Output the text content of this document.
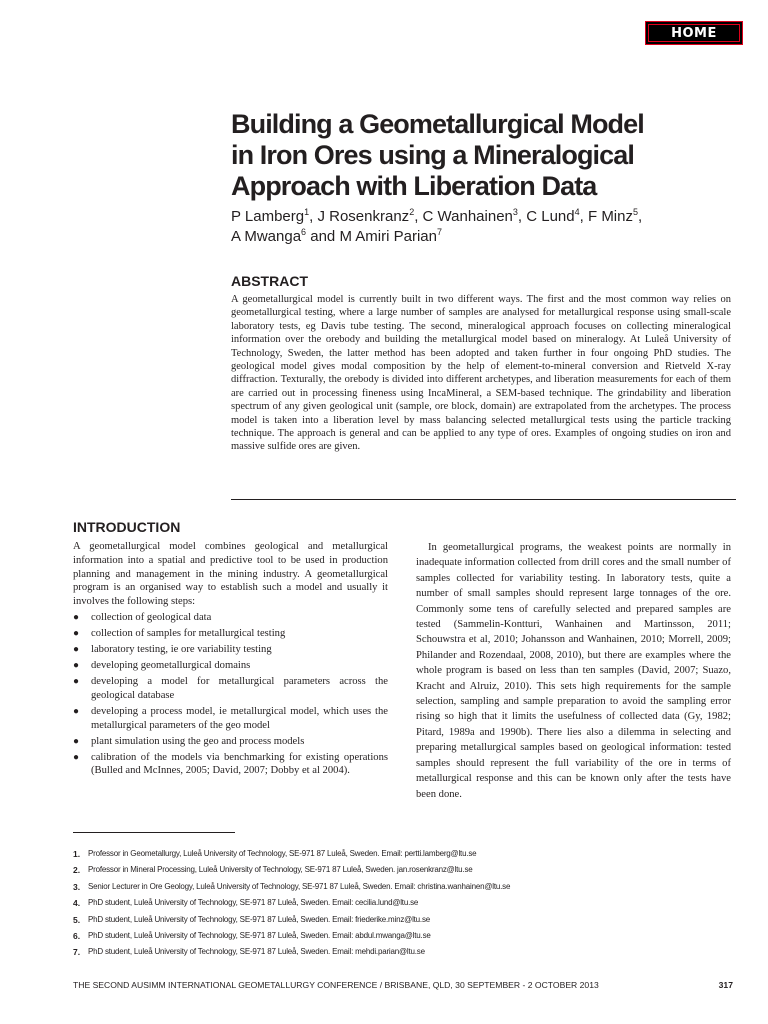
HOME
Building a Geometallurgical Model
in Iron Ores using a Mineralogical
Approach with Liberation Data
P Lamberg$^1$, J Rosenkranz$^2$, C Wanhainen$^3$, C Lund$^4$, F Minz$^5$,
A Mwanga$^6$ and M Amiri Parian$^7$
ABSTRACT
A geometallurgical model is currently built in two different ways. The first and the most common way relies on geometallurgical testing, where a large number of samples are analysed for metallurgical response using small-scale laboratory tests, eg Davis tube testing. The second, mineralogical approach focuses on collecting mineralogical information over the orebody and building the metallurgical model based on mineralogy. At Luleå University of Technology, Sweden, the latter method has been adopted and taken further in four ongoing PhD studies. The geological model gives modal composition by the help of element-to-mineral conversion and Rietveld X-ray diffraction. Texturally, the orebody is divided into different archetypes, and liberation measurements for each of them are carried out in processing fineness using IncaMineral, a SEM-based technique. The grindability and liberation spectrum of any given geological unit (sample, ore block, domain) are extrapolated from the archetypes. The process model is taken into a liberation level by mass balancing selected metallurgical tests using the particle tracking technique. The approach is general and can be applied to any type of ores. Examples of ongoing studies on iron and massive sulfide ores are given.
INTRODUCTION

A geometallurgical model combines geological and metallurgical information into a spatial and predictive tool to be used in production planning and management in the mining industry. A geometallurgical program is an organised way to establish such a model and usually it involves the following steps:

● collection of geological data
● collection of samples for metallurgical testing
● laboratory testing, ie ore variability testing
● developing geometallurgical domains
● developing a model for metallurgical parameters across the geological database
● developing a process model, ie metallurgical model, which uses the metallurgical parameters of the geo model
● plant simulation using the geo and process models
● calibration of the models via benchmarking for existing operations (Bulled and McInnes, 2005; David, 2007; Dobby et al 2004).

In geometallurgical programs, the weakest points are normally in inadequate information collected from drill cores and the small number of samples collected for variability testing. In laboratory tests, quite a number of small samples should represent large tonnages of the ore. Commonly some tens of carefully selected and prepared samples are tested (Sammelin-Kontturi, Wanhainen and Martinsson, 2011; Schouwstra et al, 2010; Johansson and Wanhainen, 2010; Morrell, 2009; Philander and Rozendaal, 2008, 2010), but there are examples where the whole program is based on less than ten samples (David, 2007; Suazo, Kracht and Alruiz, 2010). This sets high requirements for the sample selection, sampling and sample preparation to avoid the sampling error rising so high that it limits the usefulness of collected data (Gy, 1982; Pitard, 1989a and 1990b). There lies also a dilemma in selecting and preparing metallurgical samples based on geological information: tested samples should represent the full variability of the ore in terms of metallurgical response and this can be known only after the tests have been done.

1. Professor in Geometallurgy, Luleå University of Technology, SE-971 87 Luleå, Sweden. Email: pertti.lamberg@ltu.se
2. Professor in Mineral Processing, Luleå University of Technology, SE-971 87 Luleå, Sweden. jan.rosenkranz@ltu.se
3. Senior Lecturer in Ore Geology, Luleå University of Technology, SE-971 87 Luleå, Sweden. Email: christina.wanhainen@ltu.se
4. PhD student, Luleå University of Technology, SE-971 87 Luleå, Sweden. Email: cecilia.lund@ltu.se
5. PhD student, Luleå University of Technology, SE-971 87 Luleå, Sweden. Email: friederike.minz@ltu.se
6. PhD student, Luleå University of Technology, SE-971 87 Luleå, Sweden. Email: abdul.mwanga@ltu.se
7. PhD student, Luleå University of Technology, SE-971 87 Luleå, Sweden. Email: mehdi.parian@ltu.se
THE SECOND AUSIMM INTERNATIONAL GEOMETALLURGY CONFERENCE / BRISBANE, QLD, 30 SEPTEMBER - 2 OCTOBER 2013	317
